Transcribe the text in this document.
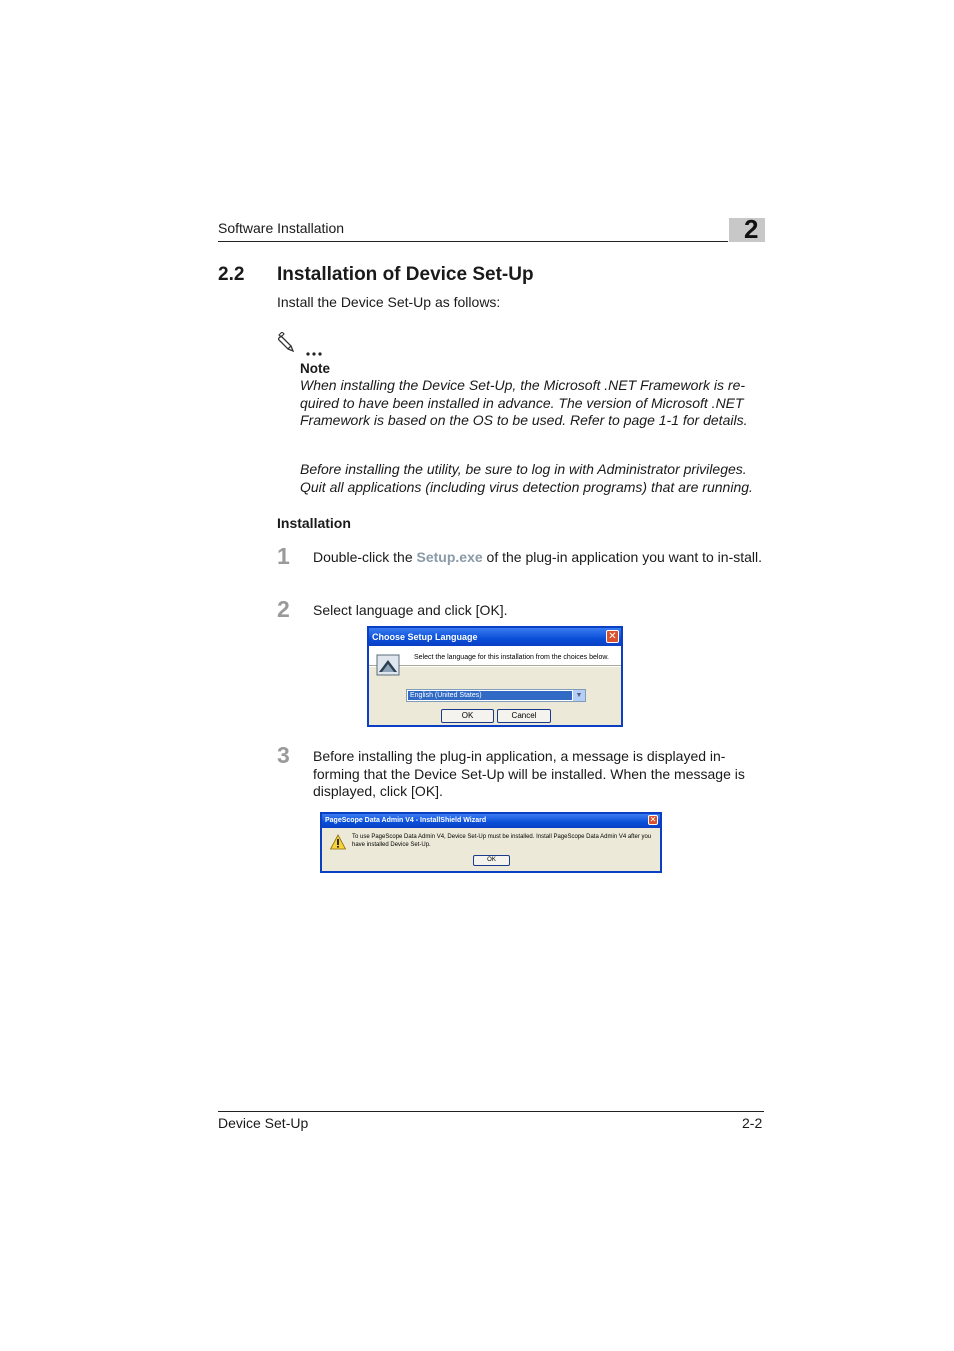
Software Installation	2
2.2 Installation of Device Set-Up
Install the Device Set-Up as follows:
Note
When installing the Device Set-Up, the Microsoft .NET Framework is re-quired to have been installed in advance. The version of Microsoft .NET Framework is based on the OS to be used. Refer to page 1-1 for details.
Before installing the utility, be sure to log in with Administrator privileges. Quit all applications (including virus detection programs) that are running.
Installation
1 Double-click the Setup.exe of the plug-in application you want to in-stall.
2 Select language and click [OK].
Choose Setup Language	✕
Select the language for this installation from the choices below.
English (United States)	▼
OK	Cancel
3 Before installing the plug-in application, a message is displayed in-forming that the Device Set-Up will be installed. When the message is displayed, click [OK].
PageScope Data Admin V4 - InstallShield Wizard	✕
To use PageScope Data Admin V4, Device Set-Up must be installed. Install PageScope Data Admin V4 after you have installed Device Set-Up.
OK
Device Set-Up	2-2
